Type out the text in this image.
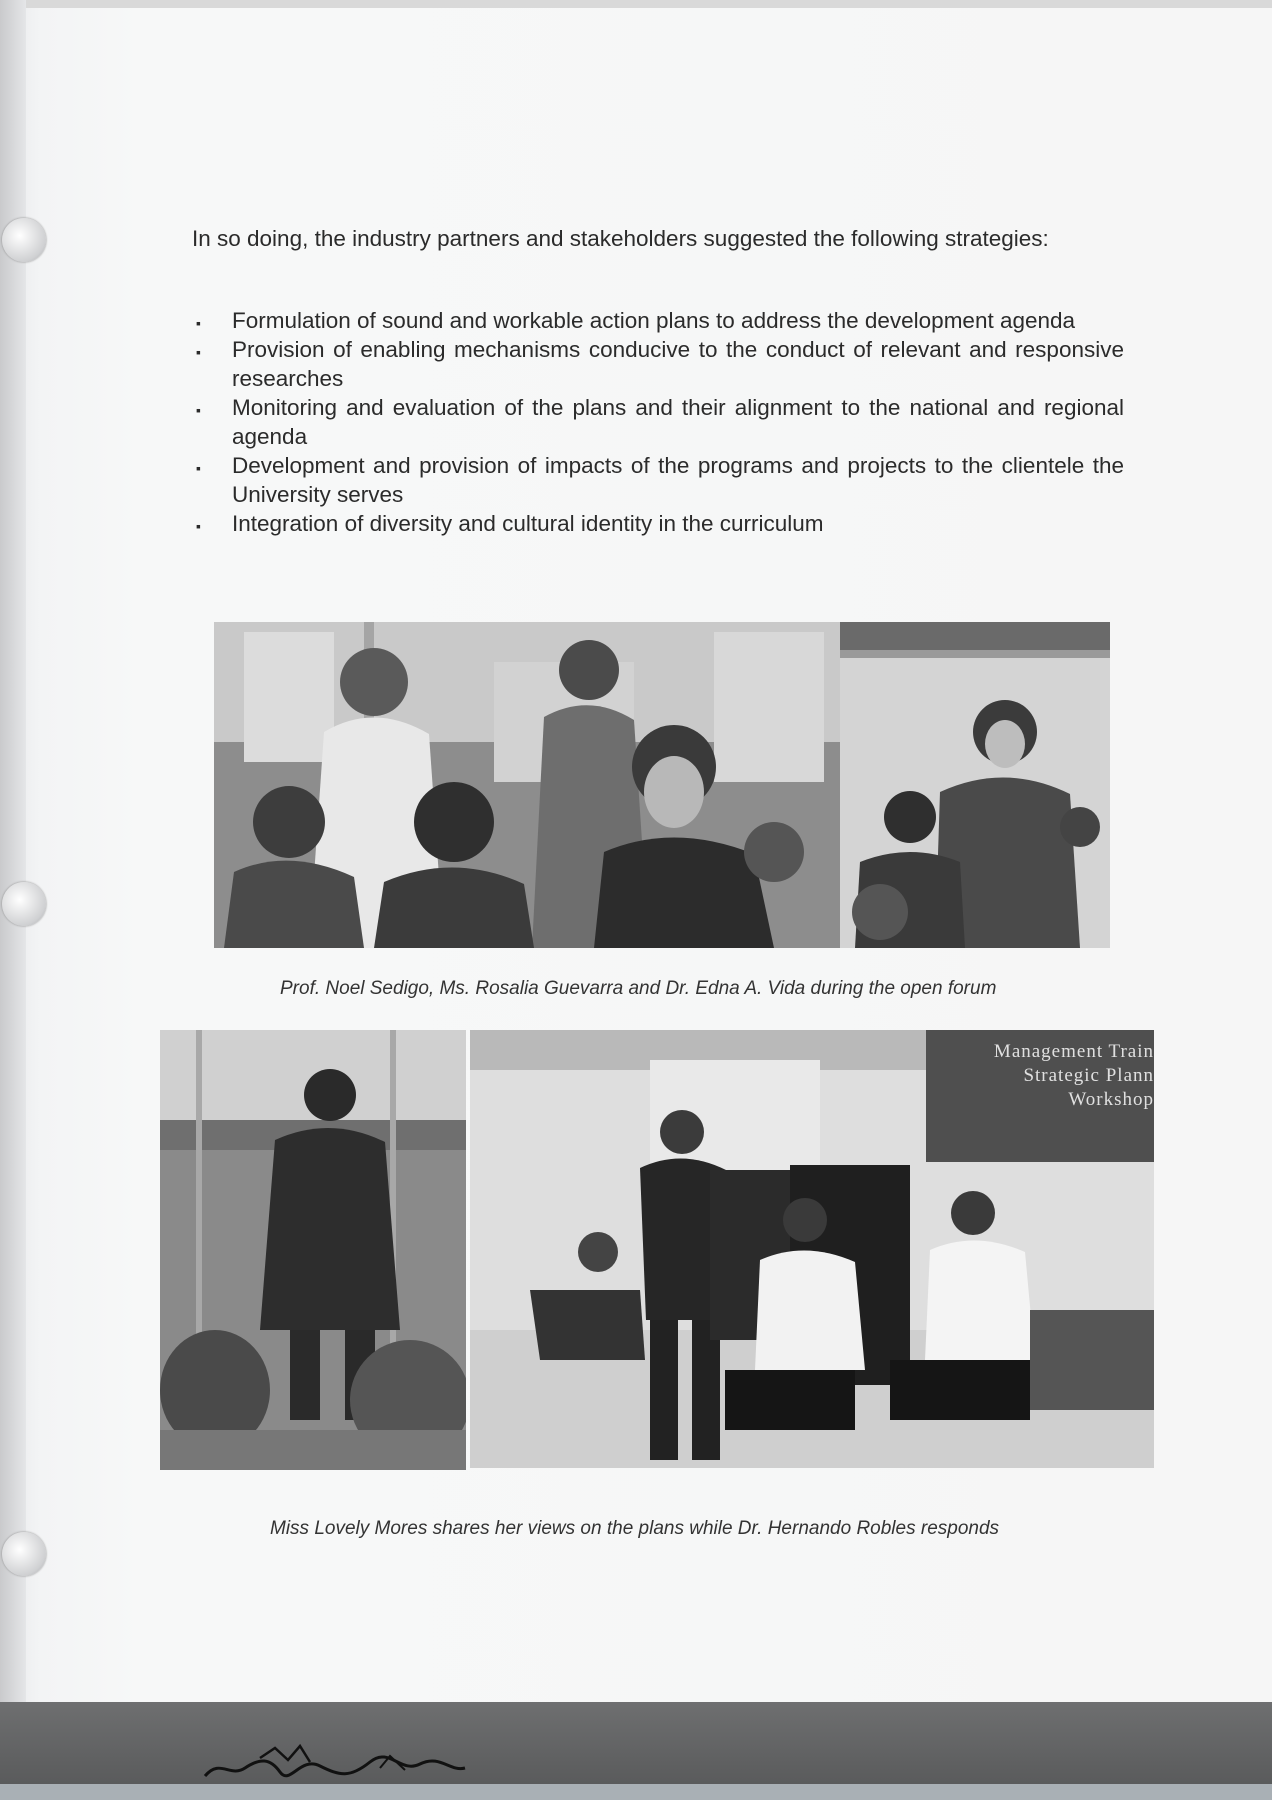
In so doing, the industry partners and stakeholders suggested the following strategies:

▪ Formulation of sound and workable action plans to address the development agenda
▪ Provision of enabling mechanisms conducive to the conduct of relevant and responsive researches
▪ Monitoring and evaluation of the plans and their alignment to the national and regional agenda
▪ Development and provision of impacts of the programs and projects to the clientele the University serves
▪ Integration of diversity and cultural identity in the curriculum
Prof. Noel Sedigo, Ms. Rosalia Guevarra and Dr. Edna A. Vida during the open forum
Management Train
Strategic Plann
Workshop
Miss Lovely Mores shares her views on the plans while Dr. Hernando Robles responds
